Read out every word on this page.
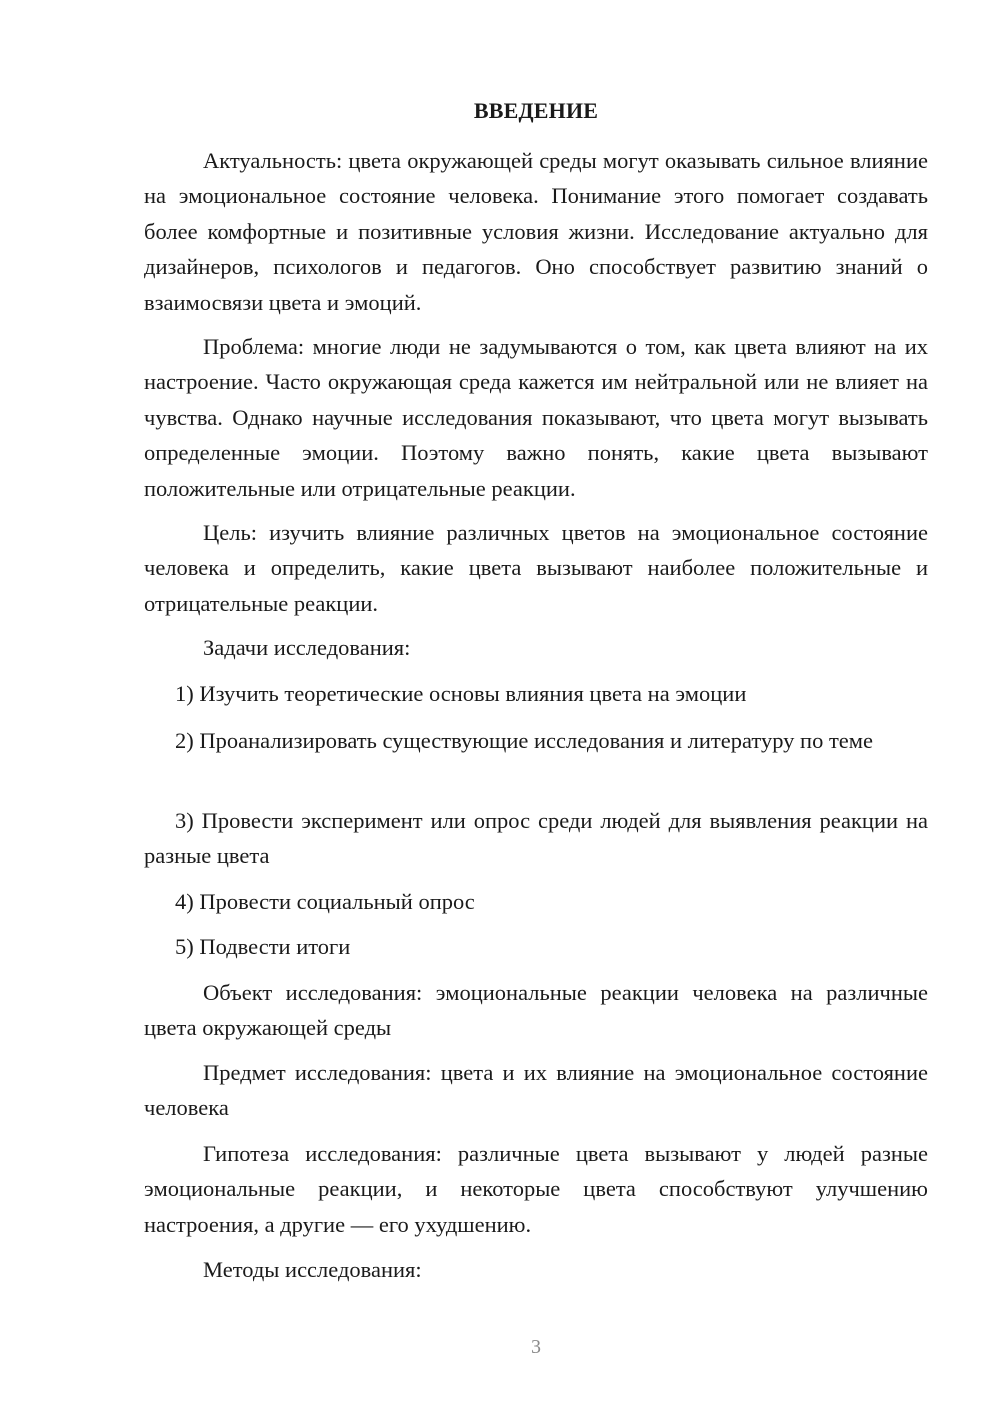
ВВЕДЕНИЕ

Актуальность: цвета окружающей среды могут оказывать сильное влияние на эмоциональное состояние человека. Понимание этого помогает создавать более комфортные и позитивные условия жизни. Исследование актуально для дизайнеров, психологов и педагогов. Оно способствует развитию знаний о взаимосвязи цвета и эмоций.

Проблема: многие люди не задумываются о том, как цвета влияют на их настроение. Часто окружающая среда кажется им нейтральной или не влияет на чувства. Однако научные исследования показывают, что цвета могут вызывать определенные эмоции. Поэтому важно понять, какие цвета вызывают положительные или отрицательные реакции.

Цель: изучить влияние различных цветов на эмоциональное состояние человека и определить, какие цвета вызывают наиболее положительные и отрицательные реакции.

Задачи исследования:

1) Изучить теоретические основы влияния цвета на эмоции

2) Проанализировать существующие исследования и литературу по теме

3) Провести эксперимент или опрос среди людей для выявления реакции на разные цвета

4) Провести социальный опрос

5) Подвести итоги

Объект исследования: эмоциональные реакции человека на различные цвета окружающей среды

Предмет исследования: цвета и их влияние на эмоциональное состояние человека

Гипотеза исследования: различные цвета вызывают у людей разные эмоциональные реакции, и некоторые цвета способствуют улучшению настроения, а другие — его ухудшению.

Методы исследования:

3
